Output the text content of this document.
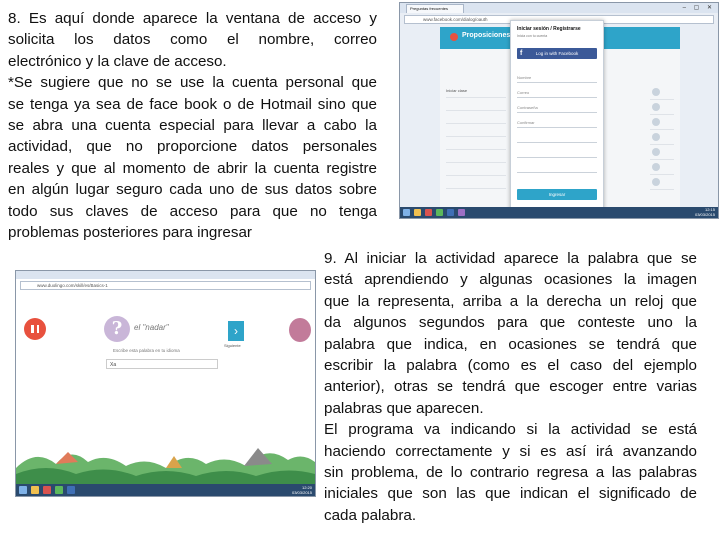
8. Es aquí donde aparece la ventana de acceso y
solicita los datos como el nombre, correo
electrónico y la clave de acceso.
*Se sugiere que no se use la cuenta personal que
se tenga ya sea de face book o de Hotmail sino que
se abra una cuenta especial para llevar a cabo la
actividad, que no proporcione datos personales
reales y que al momento de abrir la cuenta registre
en algún lugar seguro cada uno de sus datos sobre
todo sus claves de acceso para que no tenga
problemas posteriores para ingresar
Preguntas frecuentes	– ▢ ✕
www.facebook.com/dialog/oauth
Proposiciones
Iniciar clase
Iniciar sesión / Registrarse
Inicia con tu cuenta
f	Log in with Facebook
Nombre
Correo
Contraseña
Confirmar
Ingresar
12:15
03/03/2015
9. Al iniciar la actividad aparece la palabra que se
está aprendiendo y algunas ocasiones la imagen
que la representa, arriba a la derecha un reloj que
da algunos segundos para que conteste uno la
palabra que indica, en ocasiones se tendrá que
escribir la palabra (como es el caso del ejemplo
anterior), otras se tendrá que escoger entre varias
palabras que aparecen.
El programa va indicando si la actividad se está
haciendo correctamente y si es así irá avanzando
sin problema, de lo contrario regresa a las palabras
iniciales que son las que indican el significado de
cada palabra.
www.duolingo.com/skill/es/Basics-1
?	el "nadar"
Escribe esta palabra en tu idioma
Xa
›
Siguiente
12:20
03/03/2015
